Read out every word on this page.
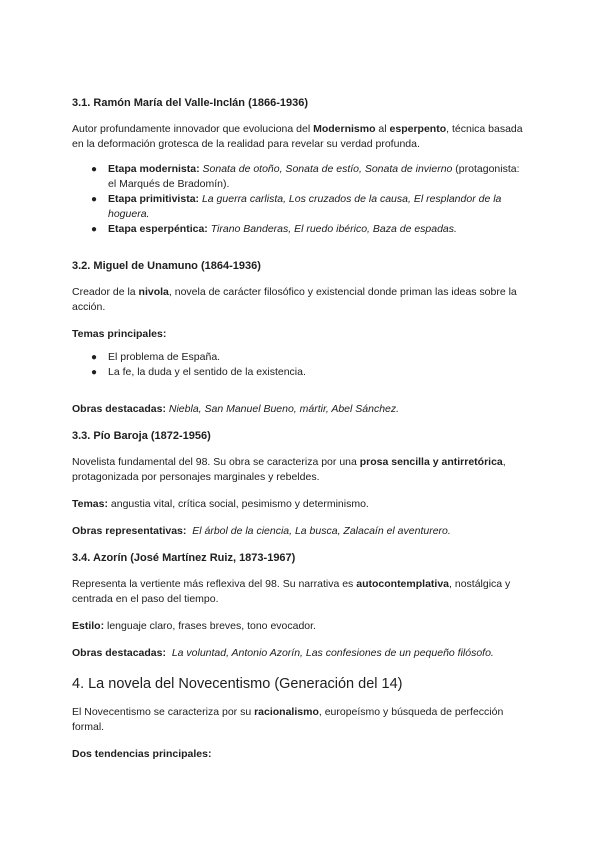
3.1. Ramón María del Valle-Inclán (1866-1936)

Autor profundamente innovador que evoluciona del Modernismo al esperpento, técnica basada en la deformación grotesca de la realidad para revelar su verdad profunda.

● Etapa modernista: Sonata de otoño, Sonata de estío, Sonata de invierno (protagonista: el Marqués de Bradomín).
● Etapa primitivista: La guerra carlista, Los cruzados de la causa, El resplandor de la hoguera.
● Etapa esperpéntica: Tirano Banderas, El ruedo ibérico, Baza de espadas.
3.2. Miguel de Unamuno (1864-1936)

Creador de la nivola, novela de carácter filosófico y existencial donde priman las ideas sobre la acción.

Temas principales:

● El problema de España.
● La fe, la duda y el sentido de la existencia.

Obras destacadas: Niebla, San Manuel Bueno, mártir, Abel Sánchez.

3.3. Pío Baroja (1872-1956)

Novelista fundamental del 98. Su obra se caracteriza por una prosa sencilla y antirretórica, protagonizada por personajes marginales y rebeldes.

Temas: angustia vital, crítica social, pesimismo y determinismo.

Obras representativas: El árbol de la ciencia, La busca, Zalacaín el aventurero.

3.4. Azorín (José Martínez Ruiz, 1873-1967)

Representa la vertiente más reflexiva del 98. Su narrativa es autocontemplativa, nostálgica y centrada en el paso del tiempo.

Estilo: lenguaje claro, frases breves, tono evocador.

Obras destacadas: La voluntad, Antonio Azorín, Las confesiones de un pequeño filósofo.

4. La novela del Novecentismo (Generación del 14)

El Novecentismo se caracteriza por su racionalismo, europeísmo y búsqueda de perfección formal.

Dos tendencias principales:
